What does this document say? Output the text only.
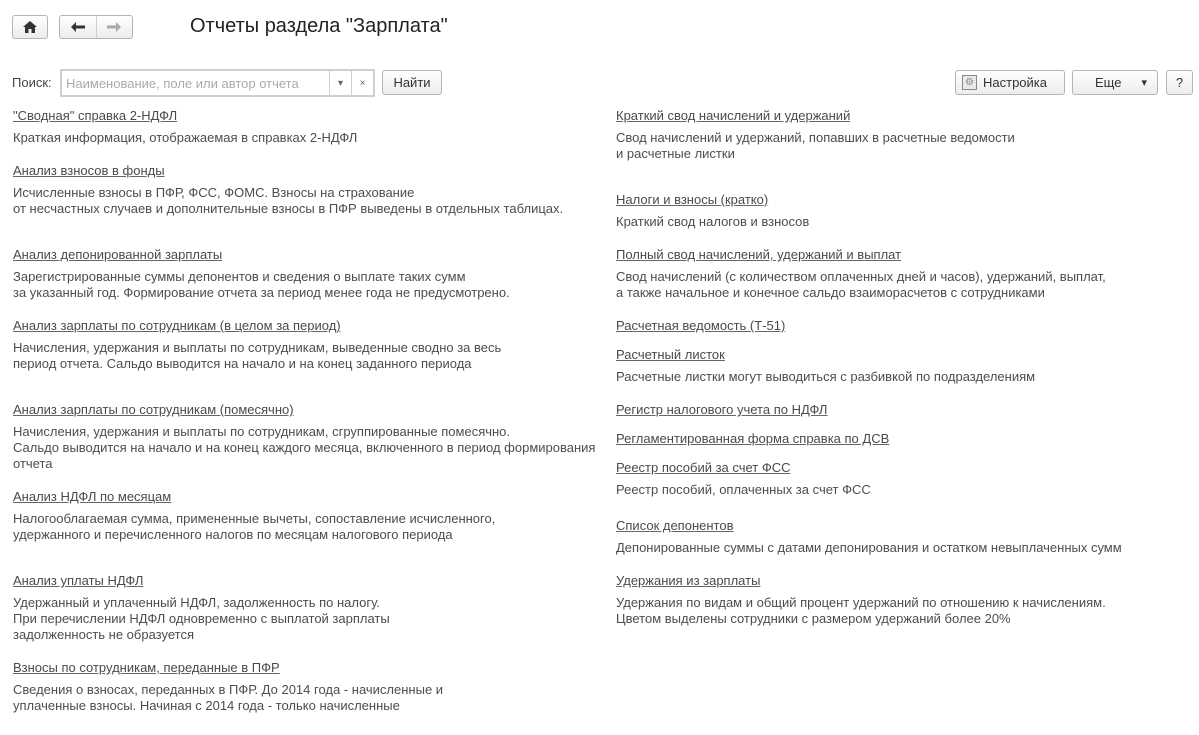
Отчеты раздела "Зарплата"
Поиск:
Наименование, поле или автор отчета	▾ ×	Найти	⚙ Настройка	Еще ▾	?
"Сводная" справка 2-НДФЛ
Краткая информация, отображаемая в справках 2-НДФЛ
Анализ взносов в фонды
Исчисленные взносы в ПФР, ФСС, ФОМС. Взносы на страхование
от несчастных случаев и дополнительные взносы в ПФР выведены в отдельных таблицах.
Анализ депонированной зарплаты
Зарегистрированные суммы депонентов и сведения о выплате таких сумм
за указанный год. Формирование отчета за период менее года не предусмотрено.
Анализ зарплаты по сотрудникам (в целом за период)
Начисления, удержания и выплаты по сотрудникам, выведенные сводно за весь
период отчета. Сальдо выводится на начало и на конец заданного периода
Анализ зарплаты по сотрудникам (помесячно)
Начисления, удержания и выплаты по сотрудникам, сгруппированные помесячно.
Сальдо выводится на начало и на конец каждого месяца, включенного в период формирования
отчета
Анализ НДФЛ по месяцам
Налогооблагаемая сумма, примененные вычеты, сопоставление исчисленного,
удержанного и перечисленного налогов по месяцам налогового периода
Анализ уплаты НДФЛ
Удержанный и уплаченный НДФЛ, задолженность по налогу.
При перечислении НДФЛ одновременно с выплатой зарплаты
задолженность не образуется
Взносы по сотрудникам, переданные в ПФР
Сведения о взносах, переданных в ПФР. До 2014 года - начисленные и
уплаченные взносы. Начиная с 2014 года - только начисленные
Краткий свод начислений и удержаний
Свод начислений и удержаний, попавших в расчетные ведомости
и расчетные листки
Налоги и взносы (кратко)
Краткий свод налогов и взносов
Полный свод начислений, удержаний и выплат
Свод начислений (с количеством оплаченных дней и часов), удержаний, выплат,
а также начальное и конечное сальдо взаиморасчетов с сотрудниками
Расчетная ведомость (Т-51)
Расчетный листок
Расчетные листки могут выводиться с разбивкой по подразделениям
Регистр налогового учета по НДФЛ
Регламентированная форма справка по ДСВ
Реестр пособий за счет ФСС
Реестр пособий, оплаченных за счет ФСС
Список депонентов
Депонированные суммы с датами депонирования и остатком невыплаченных сумм
Удержания из зарплаты
Удержания по видам и общий процент удержаний по отношению к начислениям.
Цветом выделены сотрудники с размером удержаний более 20%
